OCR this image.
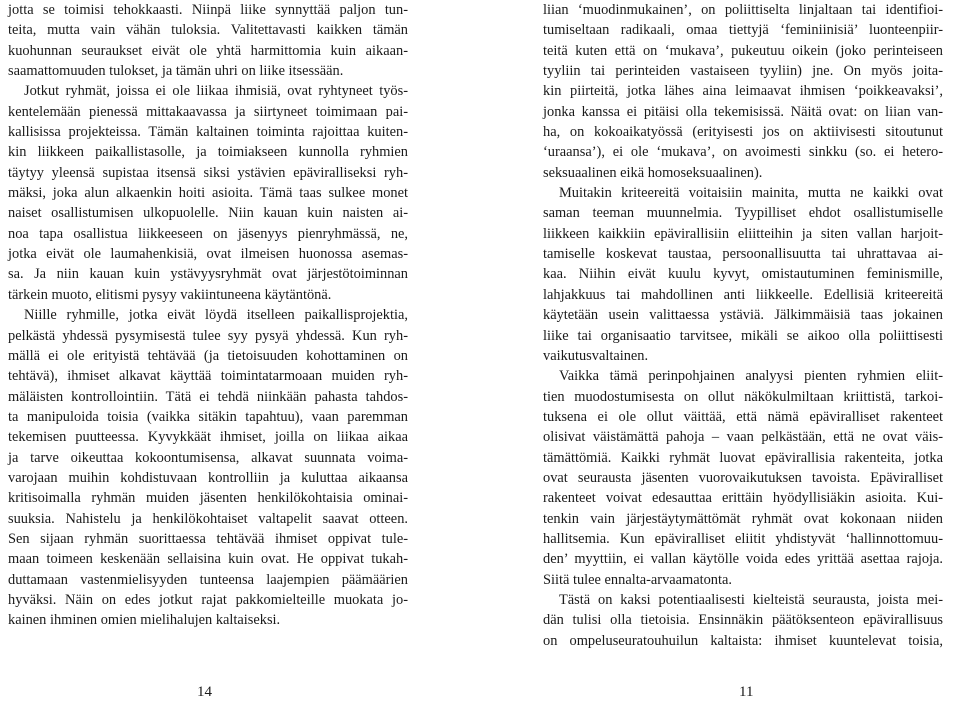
jotta se toimisi tehokkaasti. Niinpä liike synnyttää paljon tun-
teita, mutta vain vähän tuloksia. Valitettavasti kaikken tämän
kuohunnan seuraukset eivät ole yhtä harmittomia kuin aikaan-
saamattomuuden tulokset, ja tämän uhri on liike itsessään.
Jotkut ryhmät, joissa ei ole liikaa ihmisiä, ovat ryhtyneet työs-
kentelemään pienessä mittakaavassa ja siirtyneet toimimaan pai-
kallisissa projekteissa. Tämän kaltainen toiminta rajoittaa kuiten-
kin liikkeen paikallistasolle, ja toimiakseen kunnolla ryhmien
täytyy yleensä supistaa itsensä siksi ystävien epäviralliseksi ryh-
mäksi, joka alun alkaenkin hoiti asioita. Tämä taas sulkee monet
naiset osallistumisen ulkopuolelle. Niin kauan kuin naisten ai-
noa tapa osallistua liikkeeseen on jäsenyys pienryhmässä, ne,
jotka eivät ole laumahenkisiä, ovat ilmeisen huonossa asemas-
sa. Ja niin kauan kuin ystävyysryhmät ovat järjestötoiminnan
tärkein muoto, elitismi pysyy vakiintuneena käytäntönä.
Niille ryhmille, jotka eivät löydä itselleen paikallisprojektia,
pelkästä yhdessä pysymisestä tulee syy pysyä yhdessä. Kun ryh-
mällä ei ole erityistä tehtävää (ja tietoisuuden kohottaminen on
tehtävä), ihmiset alkavat käyttää toimintatarmoaan muiden ryh-
mäläisten kontrollointiin. Tätä ei tehdä niinkään pahasta tahdos-
ta manipuloida toisia (vaikka sitäkin tapahtuu), vaan paremman
tekemisen puutteessa. Kyvykkäät ihmiset, joilla on liikaa aikaa
ja tarve oikeuttaa kokoontumisensa, alkavat suunnata voima-
varojaan muihin kohdistuvaan kontrolliin ja kuluttaa aikaansa
kritisoimalla ryhmän muiden jäsenten henkilökohtaisia ominai-
suuksia. Nahistelu ja henkilökohtaiset valtapelit saavat otteen.
Sen sijaan ryhmän suorittaessa tehtävää ihmiset oppivat tule-
maan toimeen keskenään sellaisina kuin ovat. He oppivat tukah-
duttamaan vastenmielisyyden tunteensa laajempien päämäärien
hyväksi. Näin on edes jotkut rajat pakkomielteille muokata jo-
kainen ihminen omien mielihalujen kaltaiseksi.
liian ‘muodinmukainen’, on poliittiselta linjaltaan tai identifioi-
tumiseltaan radikaali, omaa tiettyjä ‘feminiinisiä’ luonteenpiir-
teitä kuten että on ‘mukava’, pukeutuu oikein (joko perinteiseen
tyyliin tai perinteiden vastaiseen tyyliin) jne. On myös joita-
kin piirteitä, jotka lähes aina leimaavat ihmisen ‘poikkeavaksi’,
jonka kanssa ei pitäisi olla tekemisissä. Näitä ovat: on liian van-
ha, on kokoaikatyössä (erityisesti jos on aktiivisesti sitoutunut
‘uraansa’), ei ole ‘mukava’, on avoimesti sinkku (so. ei hetero-
seksuaalinen eikä homoseksuaalinen).
Muitakin kriteereitä voitaisiin mainita, mutta ne kaikki ovat
saman teeman muunnelmia. Tyypilliset ehdot osallistumiselle
liikkeen kaikkiin epävirallisiin eliitteihin ja siten vallan harjoit-
tamiselle koskevat taustaa, persoonallisuutta tai uhrattavaa ai-
kaa. Niihin eivät kuulu kyvyt, omistautuminen feminismille,
lahjakkuus tai mahdollinen anti liikkeelle. Edellisiä kriteereitä
käytetään usein valittaessa ystäviä. Jälkimmäisiä taas jokainen
liike tai organisaatio tarvitsee, mikäli se aikoo olla poliittisesti
vaikutusvaltainen.
Vaikka tämä perinpohjainen analyysi pienten ryhmien eliit-
tien muodostumisesta on ollut näkökulmiltaan kriittistä, tarkoi-
tuksena ei ole ollut väittää, että nämä epäviralliset rakenteet
olisivat väistämättä pahoja – vaan pelkästään, että ne ovat väis-
tämättömiä. Kaikki ryhmät luovat epävirallisia rakenteita, jotka
ovat seurausta jäsenten vuorovaikutuksen tavoista. Epäviralliset
rakenteet voivat edesauttaa erittäin hyödyllisiäkin asioita. Kui-
tenkin vain järjestäytymättömät ryhmät ovat kokonaan niiden
hallitsemia. Kun epäviralliset eliitit yhdistyvät ‘hallinnottomuu-
den’ myyttiin, ei vallan käytölle voida edes yrittää asettaa rajoja.
Siitä tulee ennalta-arvaamatonta.
Tästä on kaksi potentiaalisesti kielteistä seurausta, joista mei-
dän tulisi olla tietoisia. Ensinnäkin päätöksenteon epävirallisuus
on ompeluseuratouhuilun kaltaista: ihmiset kuuntelevat toisia,
14	11
